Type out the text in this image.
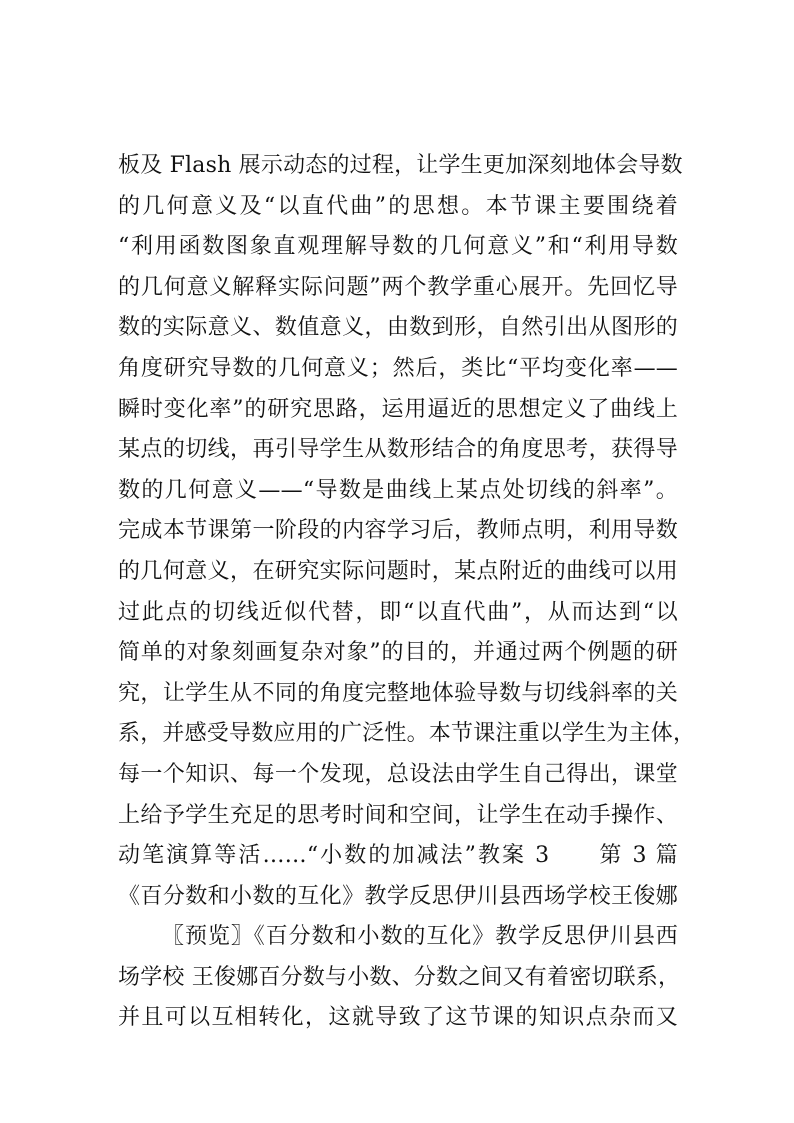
板及 Flash 展示动态的过程，让学生更加深刻地体会导数
的几何意义及“以直代曲”的思想。本节课主要围绕着
“利用函数图象直观理解导数的几何意义”和“利用导数
的几何意义解释实际问题”两个教学重心展开。先回忆导
数的实际意义、数值意义，由数到形，自然引出从图形的
角度研究导数的几何意义；然后，类比“平均变化率——
瞬时变化率”的研究思路，运用逼近的思想定义了曲线上
某点的切线，再引导学生从数形结合的角度思考，获得导
数的几何意义——“导数是曲线上某点处切线的斜率”。
完成本节课第一阶段的内容学习后，教师点明，利用导数
的几何意义，在研究实际问题时，某点附近的曲线可以用
过此点的切线近似代替，即“以直代曲”，从而达到“以
简单的对象刻画复杂对象”的目的，并通过两个例题的研
究，让学生从不同的角度完整地体验导数与切线斜率的关
系，并感受导数应用的广泛性。本节课注重以学生为主体，
每一个知识、每一个发现，总设法由学生自己得出，课堂
上给予学生充足的思考时间和空间，让学生在动手操作、
动笔演算等活……“小数的加减法”教案 3　　第 3 篇
《百分数和小数的互化》教学反思伊川县西场学校王俊娜
〖预览〗《百分数和小数的互化》教学反思伊川县西
场学校 王俊娜百分数与小数、分数之间又有着密切联系，
并且可以互相转化，这就导致了这节课的知识点杂而又
